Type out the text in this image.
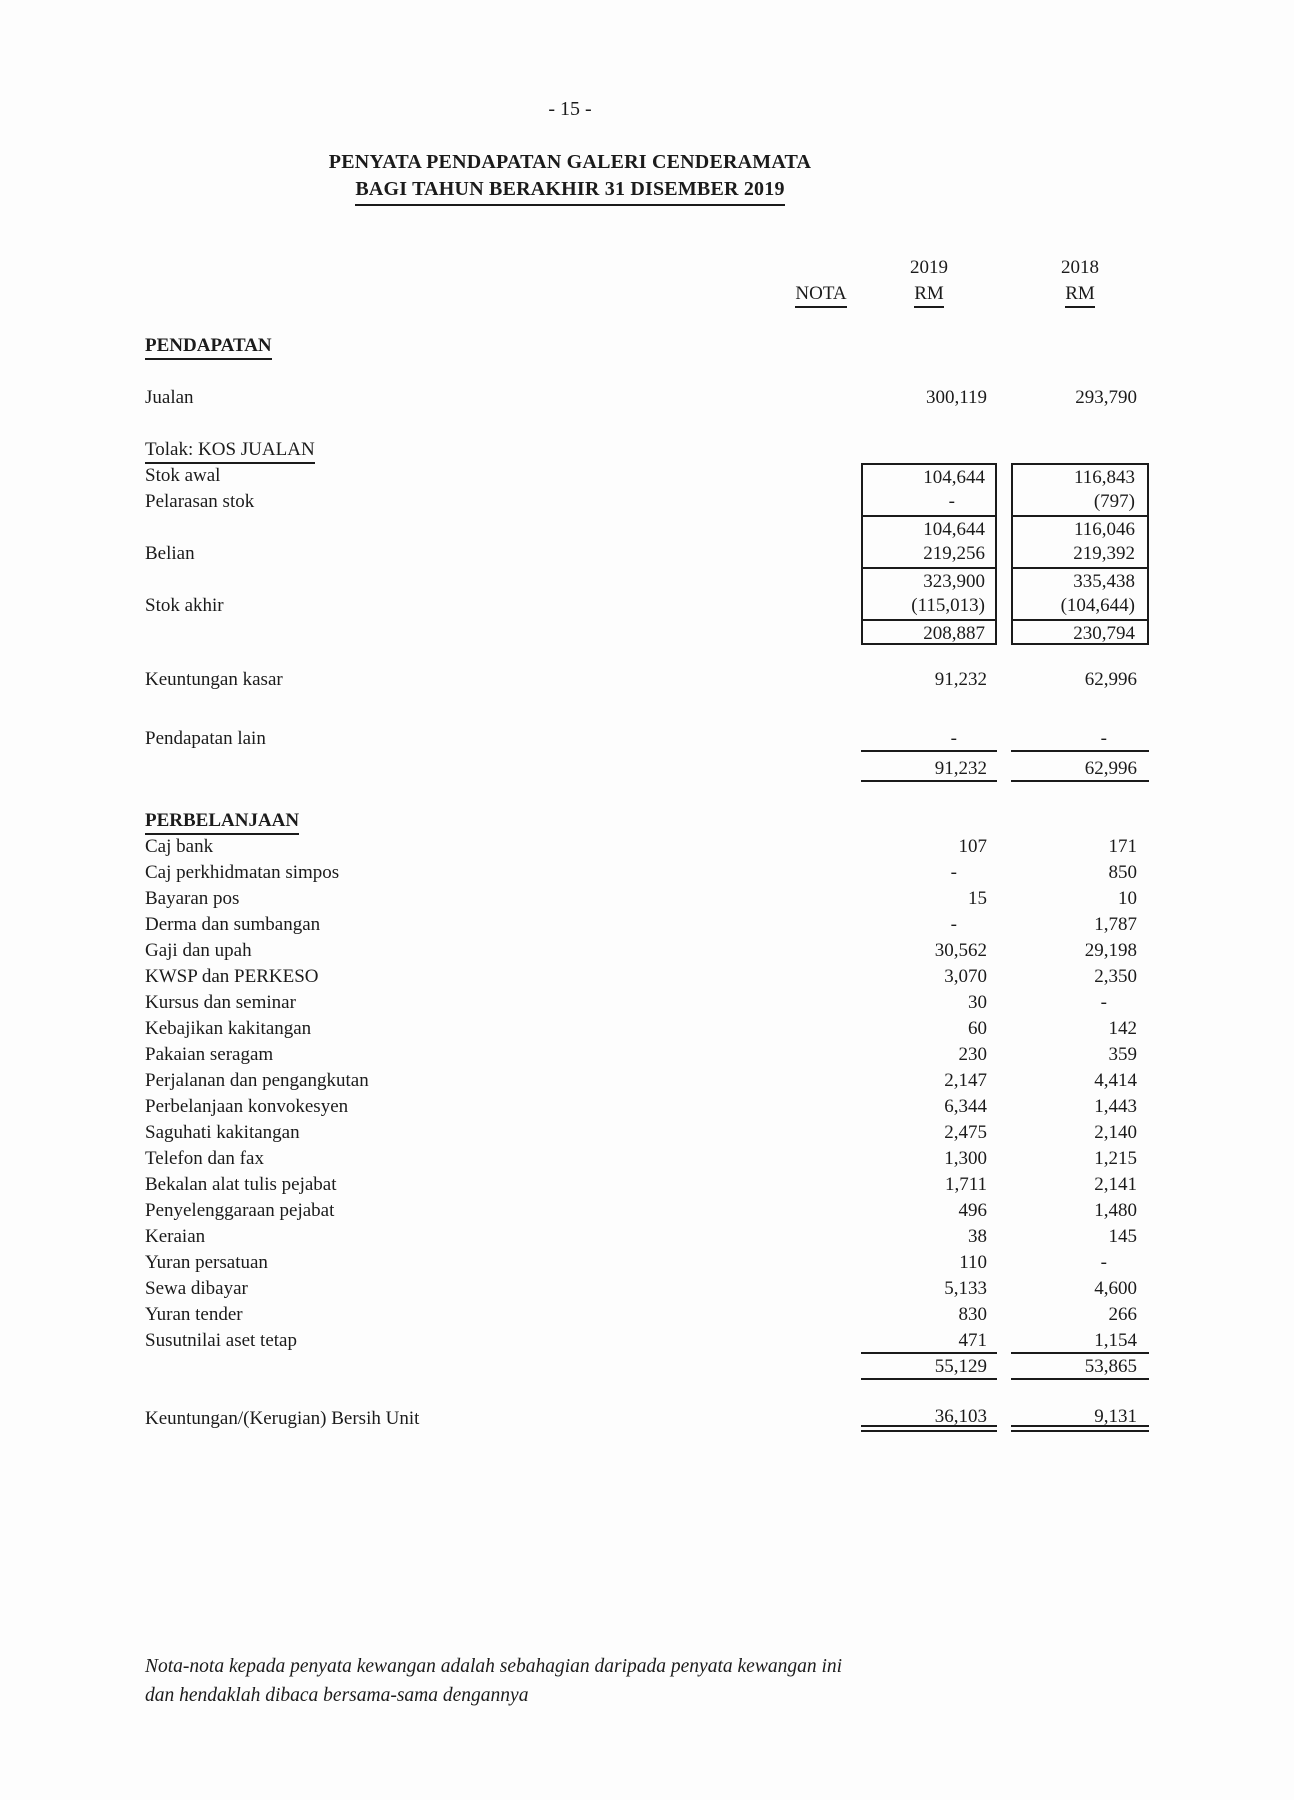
- 15 -
PENYATA PENDAPATAN GALERI CENDERAMATA
BAGI TAHUN BERAKHIR 31 DISEMBER 2019
2019	2018
NOTA	RM	RM
PENDAPATAN
Jualan	300,119	293,790
Tolak: KOS JUALAN
Stok awal	104,644	116,843
Pelarasan stok	-	(797)
104,644	116,046
Belian	219,256	219,392
323,900	335,438
Stok akhir	(115,013)	(104,644)
208,887	230,794
Keuntungan kasar	91,232	62,996
Pendapatan lain	-	-
91,232	62,996
PERBELANJAAN
Caj bank	107	171
Caj perkhidmatan simpos	-	850
Bayaran pos	15	10
Derma dan sumbangan	-	1,787
Gaji dan upah	30,562	29,198
KWSP dan PERKESO	3,070	2,350
Kursus dan seminar	30	-
Kebajikan kakitangan	60	142
Pakaian seragam	230	359
Perjalanan dan pengangkutan	2,147	4,414
Perbelanjaan konvokesyen	6,344	1,443
Saguhati kakitangan	2,475	2,140
Telefon dan fax	1,300	1,215
Bekalan alat tulis pejabat	1,711	2,141
Penyelenggaraan pejabat	496	1,480
Keraian	38	145
Yuran persatuan	110	-
Sewa dibayar	5,133	4,600
Yuran tender	830	266
Susutnilai aset tetap	471	1,154
55,129	53,865
Keuntungan/(Kerugian) Bersih Unit	36,103	9,131
Nota-nota kepada penyata kewangan adalah sebahagian daripada penyata kewangan ini
dan hendaklah dibaca bersama-sama dengannya
